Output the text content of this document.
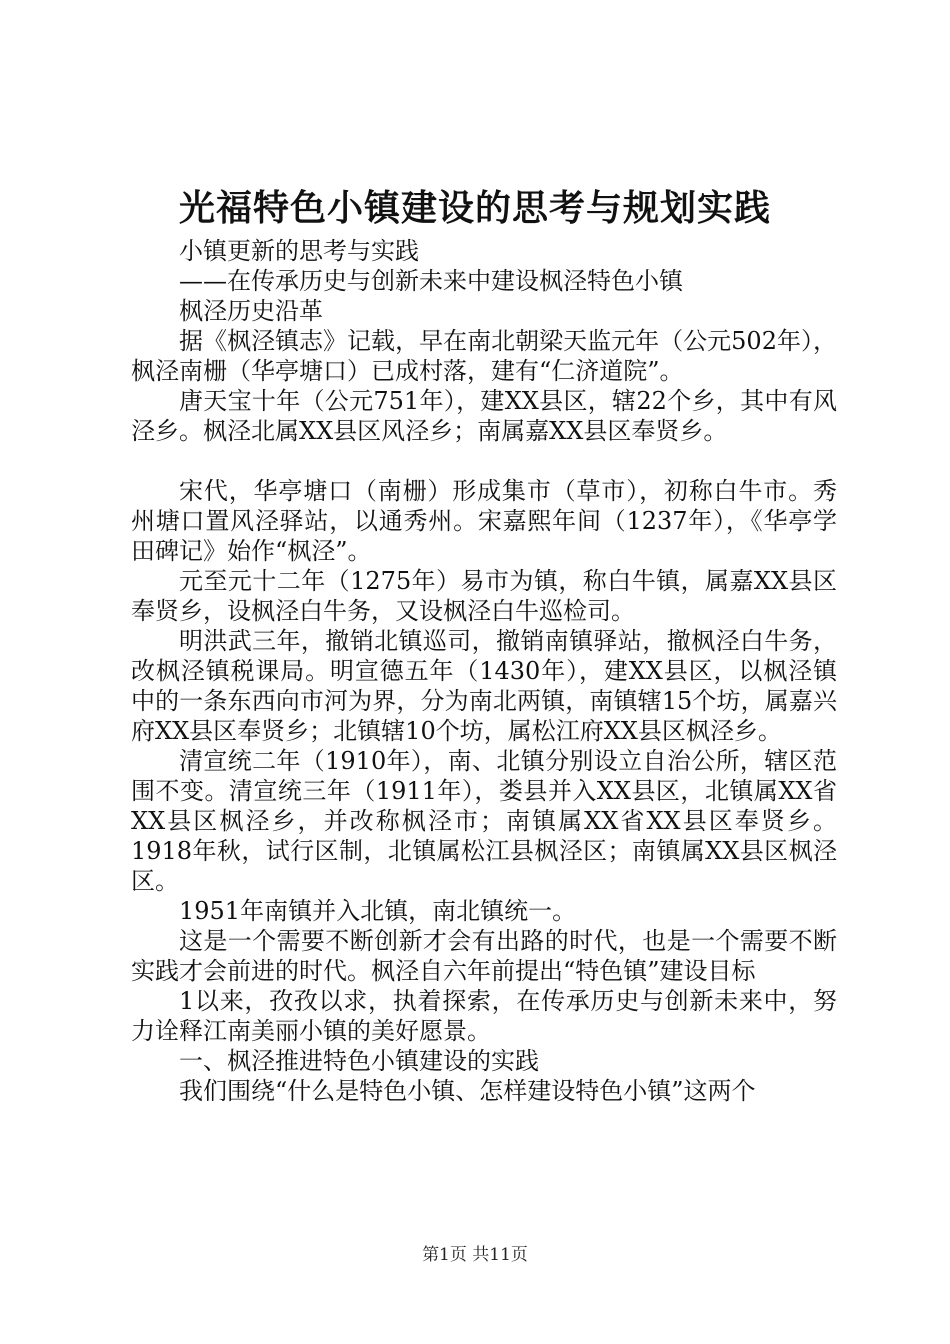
光福特色小镇建设的思考与规划实践

小镇更新的思考与实践

——在传承历史与创新未来中建设枫泾特色小镇

枫泾历史沿革

据《枫泾镇志》记载，早在南北朝梁天监元年（公元502年），枫泾南栅（华亭塘口）已成村落，建有“仁济道院”。

唐天宝十年（公元751年），建XX县区，辖22个乡，其中有风泾乡。枫泾北属XX县区风泾乡；南属嘉XX县区奉贤乡。

宋代，华亭塘口（南栅）形成集市（草市），初称白牛市。秀州塘口置风泾驿站，以通秀州。宋嘉熙年间（1237年），《华亭学田碑记》始作“枫泾”。

元至元十二年（1275年）易市为镇，称白牛镇，属嘉XX县区奉贤乡，设枫泾白牛务，又设枫泾白牛巡检司。

明洪武三年，撤销北镇巡司，撤销南镇驿站，撤枫泾白牛务，改枫泾镇税课局。明宣德五年（1430年），建XX县区，以枫泾镇中的一条东西向市河为界，分为南北两镇，南镇辖15个坊，属嘉兴府XX县区奉贤乡；北镇辖10个坊，属松江府XX县区枫泾乡。

清宣统二年（1910年），南、北镇分别设立自治公所，辖区范围不变。清宣统三年（1911年），娄县并入XX县区，北镇属XX省XX县区枫泾乡，并改称枫泾市；南镇属XX省XX县区奉贤乡。1918年秋，试行区制，北镇属松江县枫泾区；南镇属XX县区枫泾区。

1951年南镇并入北镇，南北镇统一。

这是一个需要不断创新才会有出路的时代，也是一个需要不断实践才会前进的时代。枫泾自六年前提出“特色镇”建设目标

1以来，孜孜以求，执着探索，在传承历史与创新未来中，努力诠释江南美丽小镇的美好愿景。

一、枫泾推进特色小镇建设的实践

我们围绕“什么是特色小镇、怎样建设特色小镇”这两个

第1页 共11页
